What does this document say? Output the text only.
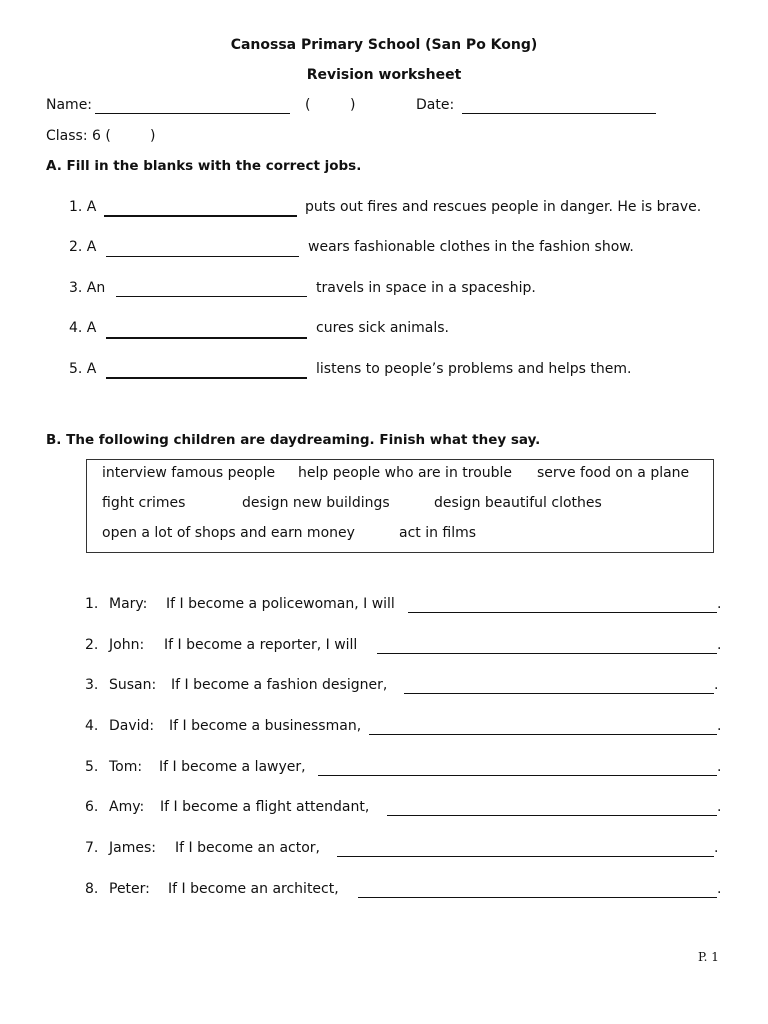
Canossa Primary School (San Po Kong)
Revision worksheet
Name:	(	)	Date:
Class: 6 (	)
A. Fill in the blanks with the correct jobs.
1. A	puts out fires and rescues people in danger. He is brave.
2. A	wears fashionable clothes in the fashion show.
3. An	travels in space in a spaceship.
4. A	cures sick animals.
5. A	listens to people’s problems and helps them.
B. The following children are daydreaming. Finish what they say.
interview famous people help people who are in trouble serve food on a plane
fight crimes	design new buildings	design beautiful clothes
open a lot of shops and earn money	act in films
1. Mary: If I become a policewoman, I will	.
2. John: If I become a reporter, I will	.
3. Susan: If I become a fashion designer,	.
4. David: If I become a businessman,	.
5. Tom: If I become a lawyer,	.
6. Amy: If I become a flight attendant,	.
7. James: If I become an actor,	.
8. Peter: If I become an architect,	.
P. 1
